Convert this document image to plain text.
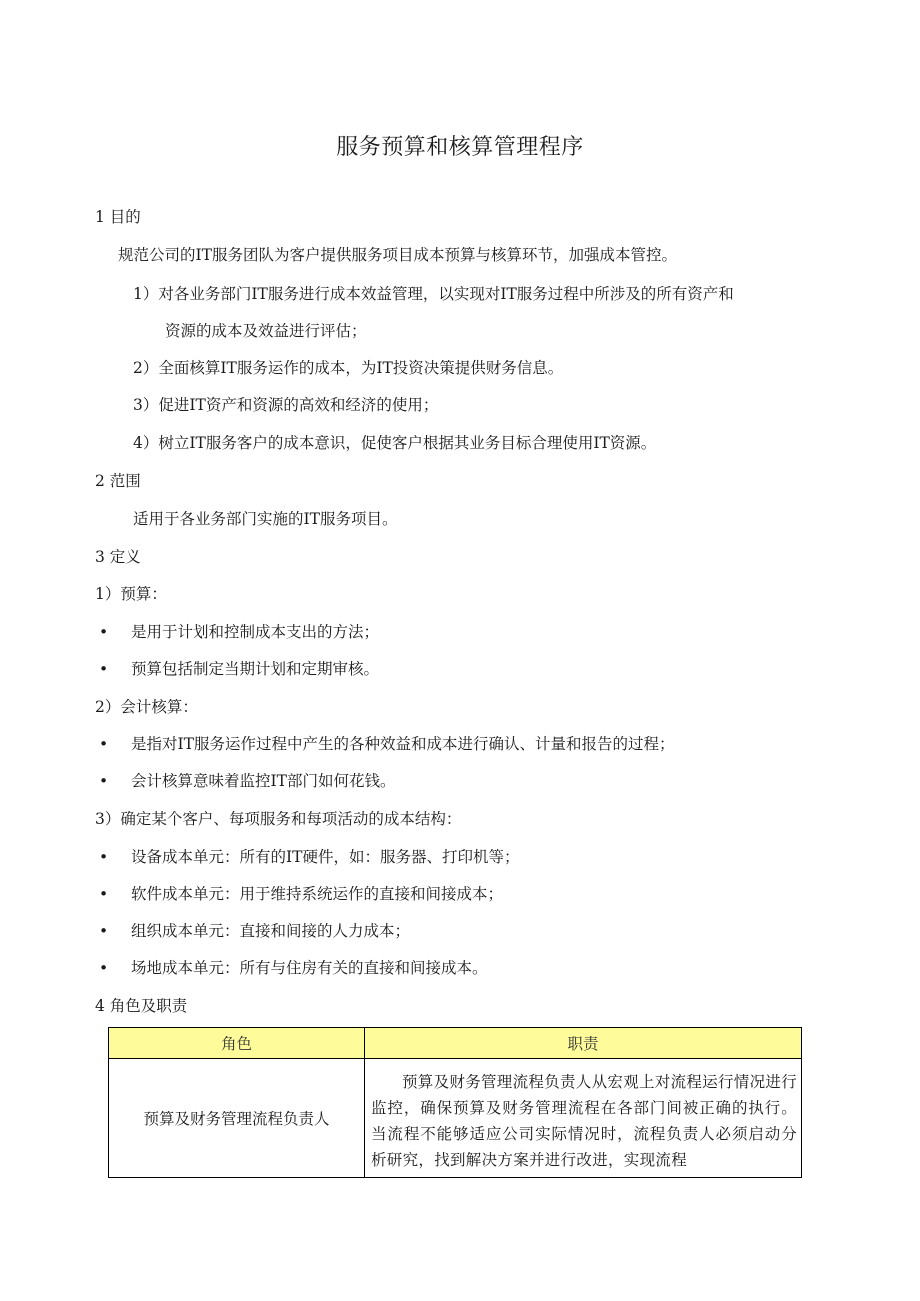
服务预算和核算管理程序
1 目的
规范公司的IT服务团队为客户提供服务项目成本预算与核算环节，加强成本管控。
1）对各业务部门IT服务进行成本效益管理，以实现对IT服务过程中所涉及的所有资产和
资源的成本及效益进行评估；
2）全面核算IT服务运作的成本，为IT投资决策提供财务信息。
3）促进IT资产和资源的高效和经济的使用；
4）树立IT服务客户的成本意识，促使客户根据其业务目标合理使用IT资源。
2 范围
适用于各业务部门实施的IT服务项目。
3 定义
1）预算：
• 是用于计划和控制成本支出的方法；
• 预算包括制定当期计划和定期审核。
2）会计核算：
• 是指对IT服务运作过程中产生的各种效益和成本进行确认、计量和报告的过程；
• 会计核算意味着监控IT部门如何花钱。
3）确定某个客户、每项服务和每项活动的成本结构：
• 设备成本单元：所有的IT硬件，如：服务器、打印机等；
• 软件成本单元：用于维持系统运作的直接和间接成本；
• 组织成本单元：直接和间接的人力成本；
• 场地成本单元：所有与住房有关的直接和间接成本。
4 角色及职责
角色	职责
预算及财务管理流程负责人	预算及财务管理流程负责人从宏观上对流程运行情况进行监控，确保预算及财务管理流程在各部门间被正确的执行。当流程不能够适应公司实际情况时，流程负责人必须启动分析研究，找到解决方案并进行改进，实现流程
